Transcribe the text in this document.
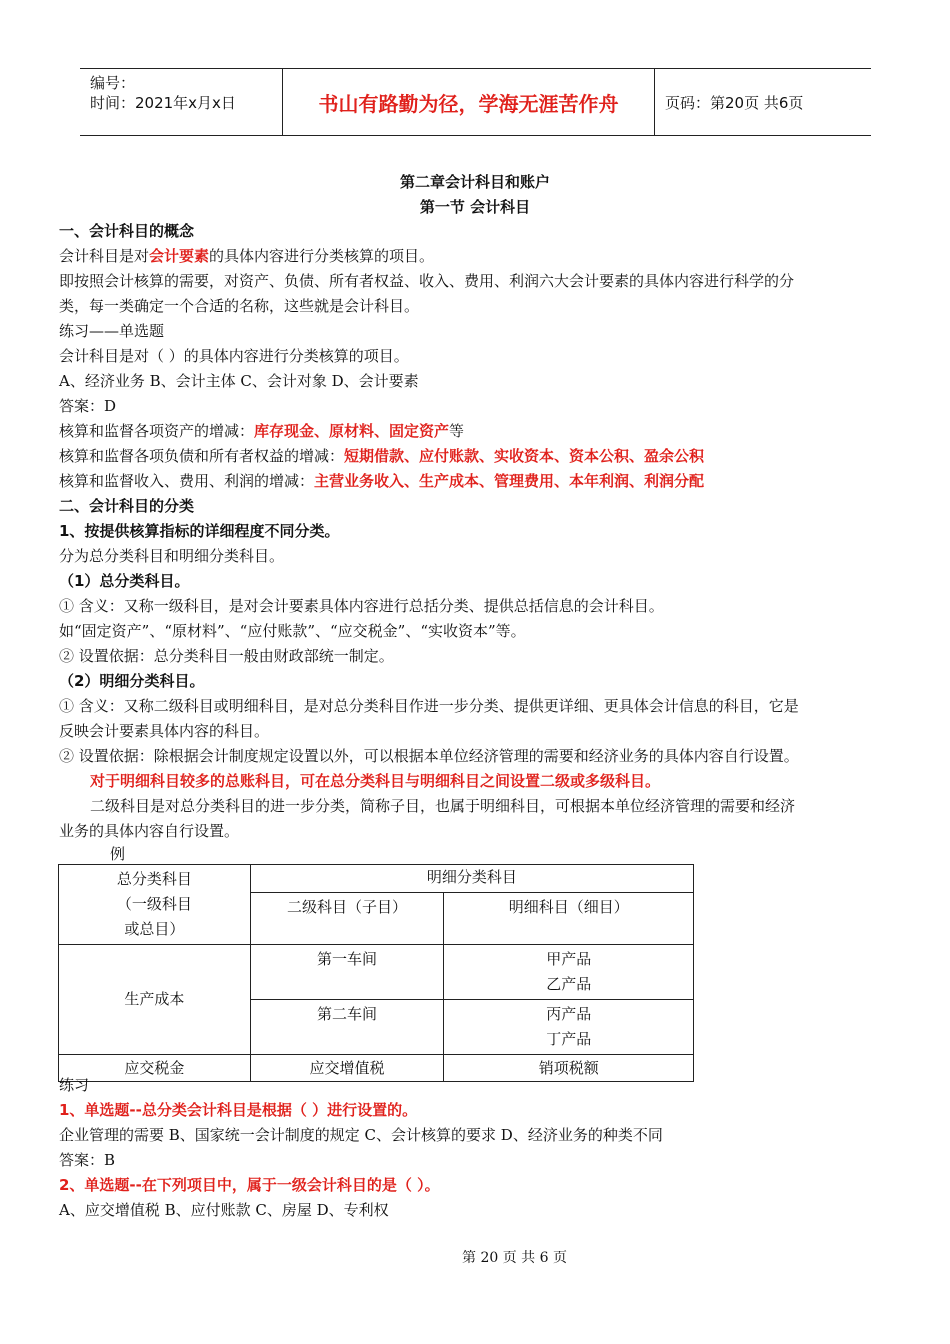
编号：
时间：2021年x月x日	书山有路勤为径，学海无涯苦作舟	页码：第20页 共6页
第二章会计科目和账户
第一节 会计科目
一、会计科目的概念
会计科目是对会计要素的具体内容进行分类核算的项目。
即按照会计核算的需要，对资产、负债、所有者权益、收入、费用、利润六大会计要素的具体内容进行科学的分
类，每一类确定一个合适的名称，这些就是会计科目。
练习——单选题
会计科目是对（ ）的具体内容进行分类核算的项目。
A、经济业务 B、会计主体 C、会计对象 D、会计要素
答案：D
核算和监督各项资产的增减：库存现金、原材料、固定资产等
核算和监督各项负债和所有者权益的增减：短期借款、应付账款、实收资本、资本公积、盈余公积
核算和监督收入、费用、利润的增减：主营业务收入、生产成本、管理费用、本年利润、利润分配
二、会计科目的分类
1、按提供核算指标的详细程度不同分类。
分为总分类科目和明细分类科目。
（1）总分类科目。
① 含义：又称一级科目，是对会计要素具体内容进行总括分类、提供总括信息的会计科目。
如“固定资产”、“原材料”、“应付账款”、“应交税金”、“实收资本”等。
② 设置依据：总分类科目一般由财政部统一制定。
（2）明细分类科目。
① 含义：又称二级科目或明细科目，是对总分类科目作进一步分类、提供更详细、更具体会计信息的科目，它是
反映会计要素具体内容的科目。
② 设置依据：除根据会计制度规定设置以外，可以根据本单位经济管理的需要和经济业务的具体内容自行设置。
对于明细科目较多的总账科目，可在总分类科目与明细科目之间设置二级或多级科目。
二级科目是对总分类科目的进一步分类，简称子目，也属于明细科目，可根据本单位经济管理的需要和经济
业务的具体内容自行设置。
例
总分类科目
（一级科目
或总目）	明细分类科目	
	二级科目（子目）	明细科目（细目）
生产成本	第一车间	甲产品
乙产品

	第二车间	丙产品
丁产品

应交税金	应交增值税	销项税额
练习
1、单选题--总分类会计科目是根据（ ）进行设置的。
企业管理的需要 B、国家统一会计制度的规定 C、会计核算的要求 D、经济业务的种类不同
答案：B
2、单选题--在下列项目中，属于一级会计科目的是（ ）。
A、应交增值税 B、应付账款 C、房屋 D、专利权
第 20 页 共 6 页
